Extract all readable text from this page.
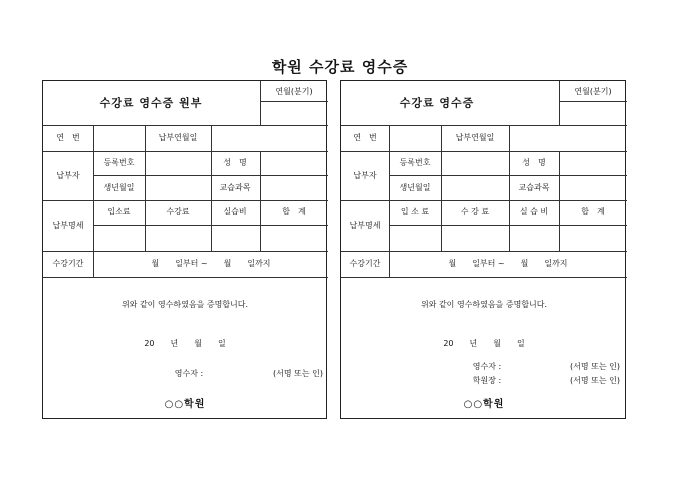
학원 수강료 영수증
수강료 영수증 원부
연월(분기)
연　번	납부연월일
납부자
등록번호	성　명
생년월일	교습과목
납부명세
입소료	수강료	실습비	합　계
수강기간	월　　일부터 ~　　월　　일까지
위와 같이 영수하였음을 증명합니다.
20　　년　　월　　일
영수자 :	(서명 또는 인)
○○학원
수강료 영수증
연월(분기)
연　번	납부연월일
납부자
등록번호	성　명
생년월일	교습과목
납부명세
입 소 료	수 강 료	실 습 비	합　계
수강기간	월　　일부터 ~　　월　　일까지
위와 같이 영수하였음을 증명합니다.
20　　년　　월　　일
영수자 :	(서명 또는 인)
학원장 :	(서명 또는 인)
○○학원
